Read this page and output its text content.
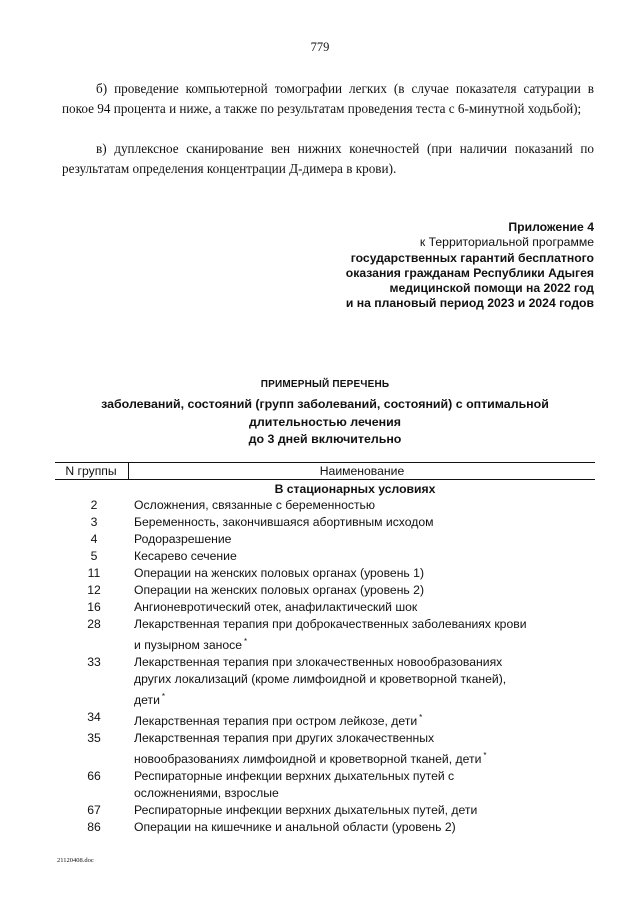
779
б) проведение компьютерной томографии легких (в случае показателя сатурации в покое 94 процента и ниже, а также по результатам проведения теста с 6-минутной ходьбой);
в) дуплексное сканирование вен нижних конечностей (при наличии показаний по результатам определения концентрации Д-димера в крови).
Приложение 4
к Территориальной программе
государственных гарантий бесплатного
оказания гражданам Республики Адыгея
медицинской помощи на 2022 год
и на плановый период 2023 и 2024 годов
ПРИМЕРНЫЙ ПЕРЕЧЕНЬ
заболеваний, состояний (групп заболеваний, состояний) с оптимальной
длительностью лечения
до 3 дней включительно
N группы	Наименование
В стационарных условиях
2	Осложнения, связанные с беременностью
3	Беременность, закончившаяся абортивным исходом
4	Родоразрешение
5	Кесарево сечение
11	Операции на женских половых органах (уровень 1)
12	Операции на женских половых органах (уровень 2)
16	Ангионевротический отек, анафилактический шок
28	Лекарственная терапия при доброкачественных заболеваниях крови
и пузырном заносе *
33	Лекарственная терапия при злокачественных новообразованиях
других локализаций (кроме лимфоидной и кроветворной тканей),
дети *
34	Лекарственная терапия при остром лейкозе, дети *
35	Лекарственная терапия при других злокачественных
новообразованиях лимфоидной и кроветворной тканей, дети *
66	Респираторные инфекции верхних дыхательных путей с
осложнениями, взрослые
67	Респираторные инфекции верхних дыхательных путей, дети
86	Операции на кишечнике и анальной области (уровень 2)
21120408.doc
